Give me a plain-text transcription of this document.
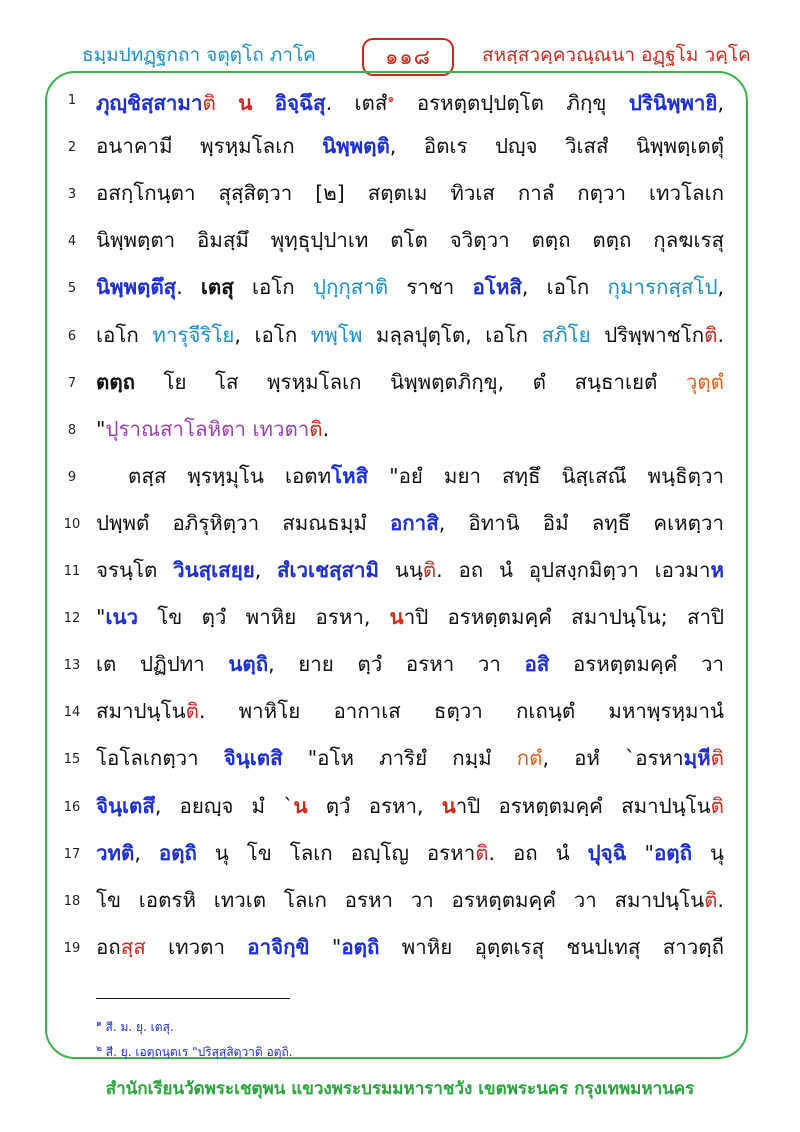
ธมฺมปทฏฺฐกถา จตุตฺโถ ภาโค	๑๑๘	สหสฺสวคฺควณฺณนา อฏฺฐโม วคฺโค
1 ภุญฺชิสฺสามาติ น อิจฺฉึสุ. เตสํ$^๑$ อรหตฺตปฺปตฺโต ภิกฺขุ ปรินิพฺพายิ,
2 อนาคามี พฺรหฺมโลเก นิพฺพตฺติ, อิตเร ปญฺจ วิเสสํ นิพฺพตฺเตตุํ
3 อสกฺโกนฺตา สุสฺสิตฺวา [๒] สตฺตเม ทิวเส กาลํ กตฺวา เทวโลเก
4 นิพฺพตฺตา อิมสฺมึ พุทฺธุปฺปาเท ตโต จวิตฺวา ตตฺถ ตตฺถ กุลฆเรสุ
5 นิพฺพตฺตึสุ. เตสุ เอโก ปุกฺกุสาติ ราชา อโหสิ, เอโก กุมารกสฺสโป,
6 เอโก ทารุจีริโย, เอโก ทพฺโพ มลฺลปุตฺโต, เอโก สภิโย ปริพฺพาชโกติ.
7 ตตฺถ โย โส พฺรหฺมโลเก นิพฺพตฺตภิกฺขุ, ตํ สนฺธาเยตํ วุตฺตํ
8 "ปุราณสาโลหิตา เทวตาติ.
9	ตสฺส พฺรหฺมุโน เอตทโหสิ "อยํ มยา สทฺธึ นิสฺเสณึ พนฺธิตฺวา
10 ปพฺพตํ อภิรุหิตฺวา สมณธมฺมํ อกาสิ, อิทานิ อิมํ ลทฺธึ คเหตฺวา
11 จรนฺโต วินสฺเสยฺย, สํเวเชสฺสามิ นนฺติ. อถ นํ อุปสงฺกมิตฺวา เอวมาห
12 "เนว โข ตฺวํ พาหิย อรหา, นาปิ อรหตฺตมคฺคํ สมาปนฺโน; สาปิ
13 เต ปฏิปทา นตฺถิ, ยาย ตฺวํ อรหา วา อสิ อรหตฺตมคฺคํ วา
14 สมาปนฺโนติ. พาหิโย อากาเส ธตฺวา กเถนฺตํ มหาพฺรหฺมานํ
15 โอโลเกตฺวา จินฺเตสิ "อโห ภาริยํ กมฺมํ กตํ, อหํ `อรหามฺหีติ
16 จินฺเตสึ, อยญฺจ มํ `น ตฺวํ อรหา, นาปิ อรหตฺตมคฺคํ สมาปนฺโนติ
17 วทติ, อตฺถิ นุ โข โลเก อญฺโญ อรหาติ. อถ นํ ปุจฺฉิ "อตฺถิ นุ
18 โข เอตรหิ เทวเต โลเก อรหา วา อรหตฺตมคฺคํ วา สมาปนฺโนติ.
19 อถสฺส เทวตา อาจิกฺขิ "อตฺถิ พาหิย อุตฺตเรสุ ชนปเทสุ สาวตฺถี
$^๑$ สี. ม. ยุ. เตสุ.
$^๒$ สี. ยุ. เอตฺถนฺตเร "ปริสุสฺสิตฺวาติ อตฺถิ.
สำนักเรียนวัดพระเชตุพน แขวงพระบรมมหาราชวัง เขตพระนคร กรุงเทพมหานคร
